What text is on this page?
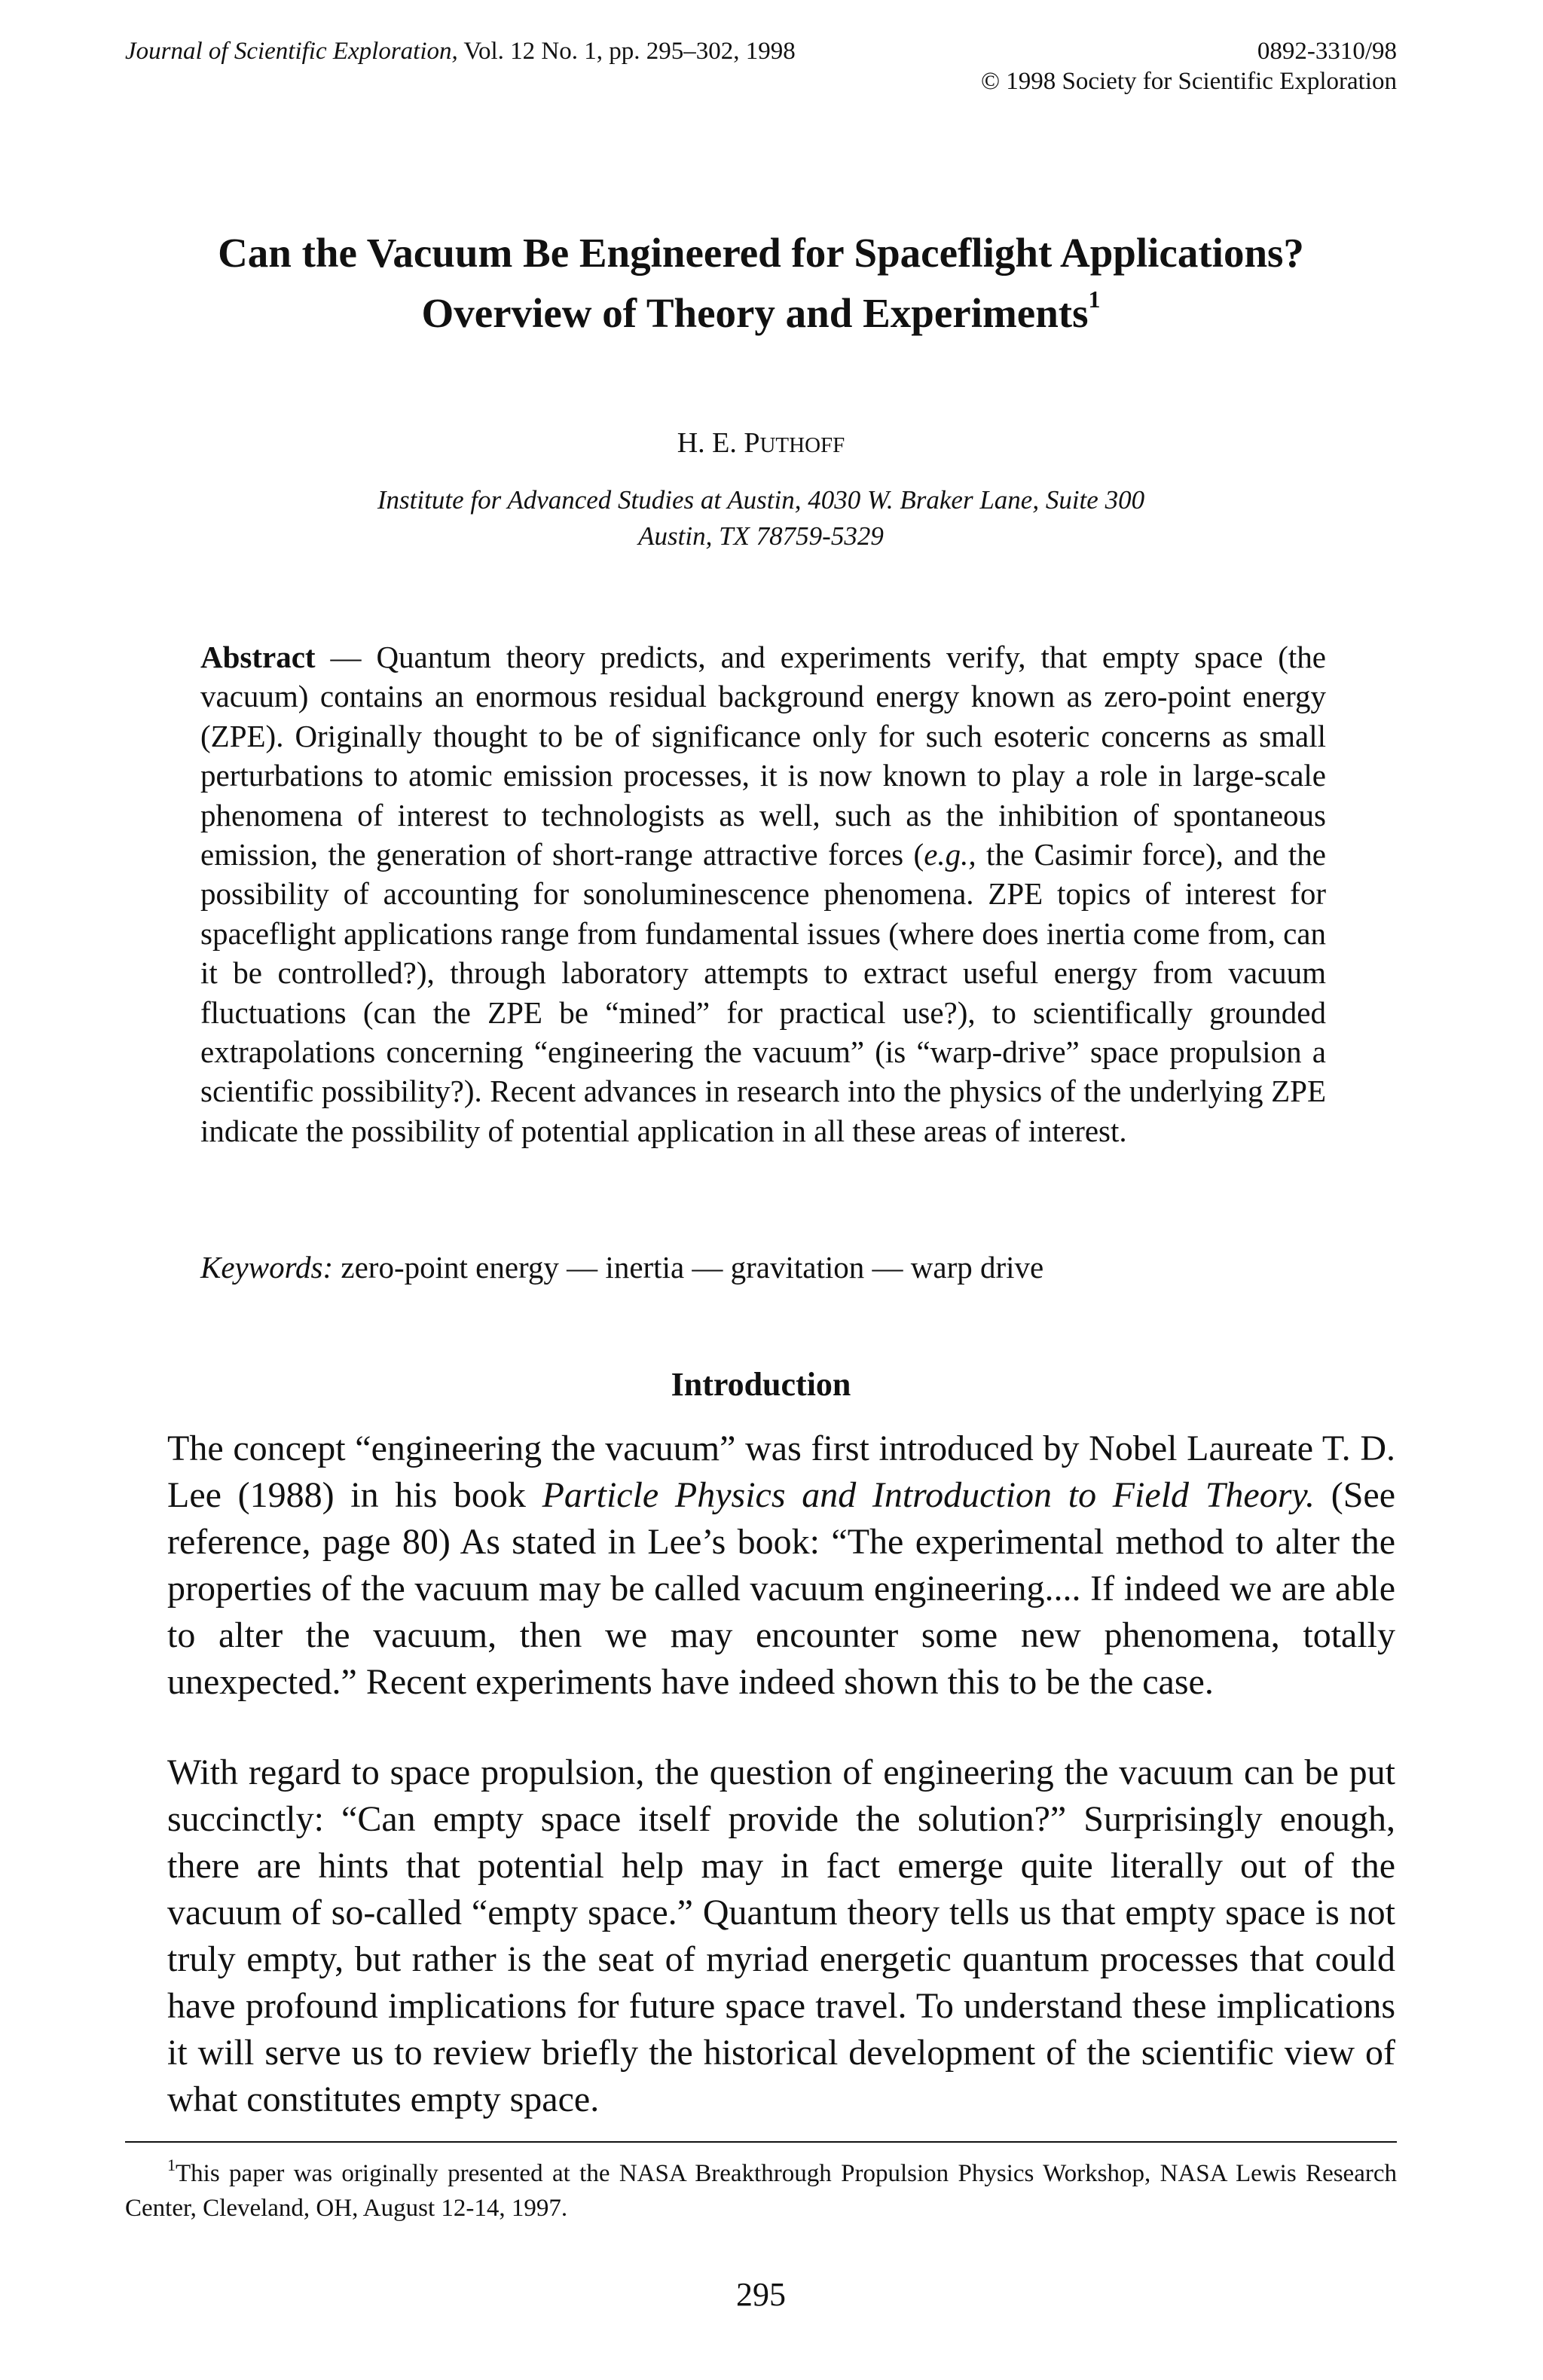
Journal of Scientific Exploration, Vol. 12 No. 1, pp. 295–302, 1998	0892-3310/98
© 1998 Society for Scientific Exploration
Can the Vacuum Be Engineered for Spaceflight Applications?
Overview of Theory and Experiments$^1$
H. E. PUTHOFF
Institute for Advanced Studies at Austin, 4030 W. Braker Lane, Suite 300
Austin, TX 78759-5329
Abstract — Quantum theory predicts, and experiments verify, that empty space (the vacuum) contains an enormous residual background energy known as zero-point energy (ZPE). Originally thought to be of significance only for such esoteric concerns as small perturbations to atomic emission processes, it is now known to play a role in large-scale phenomena of interest to technologists as well, such as the inhibition of spontaneous emission, the generation of short-range attractive forces (e.g., the Casimir force), and the possibility of accounting for sonoluminescence phenomena. ZPE topics of interest for spaceflight applications range from fundamental issues (where does inertia come from, can it be controlled?), through laboratory attempts to extract useful energy from vacuum fluctuations (can the ZPE be “mined” for practical use?), to scientifically grounded extrapolations concerning “engineering the vacuum” (is “warp-drive” space propulsion a scientific possibility?). Recent advances in research into the physics of the underlying ZPE indicate the possibility of potential application in all these areas of interest.
Keywords: zero-point energy — inertia — gravitation — warp drive
Introduction
The concept “engineering the vacuum” was first introduced by Nobel Laureate T. D. Lee (1988) in his book Particle Physics and Introduction to Field Theory. (See reference, page 80) As stated in Lee’s book: “The experimental method to alter the properties of the vacuum may be called vacuum engineering.... If indeed we are able to alter the vacuum, then we may encounter some new phenomena, totally unexpected.” Recent experiments have indeed shown this to be the case.
With regard to space propulsion, the question of engineering the vacuum can be put succinctly: “Can empty space itself provide the solution?” Surprisingly enough, there are hints that potential help may in fact emerge quite literally out of the vacuum of so-called “empty space.” Quantum theory tells us that empty space is not truly empty, but rather is the seat of myriad energetic quantum processes that could have profound implications for future space travel. To understand these implications it will serve us to review briefly the historical development of the scientific view of what constitutes empty space.
$^1$This paper was originally presented at the NASA Breakthrough Propulsion Physics Workshop, NASA Lewis Research Center, Cleveland, OH, August 12-14, 1997.
295
